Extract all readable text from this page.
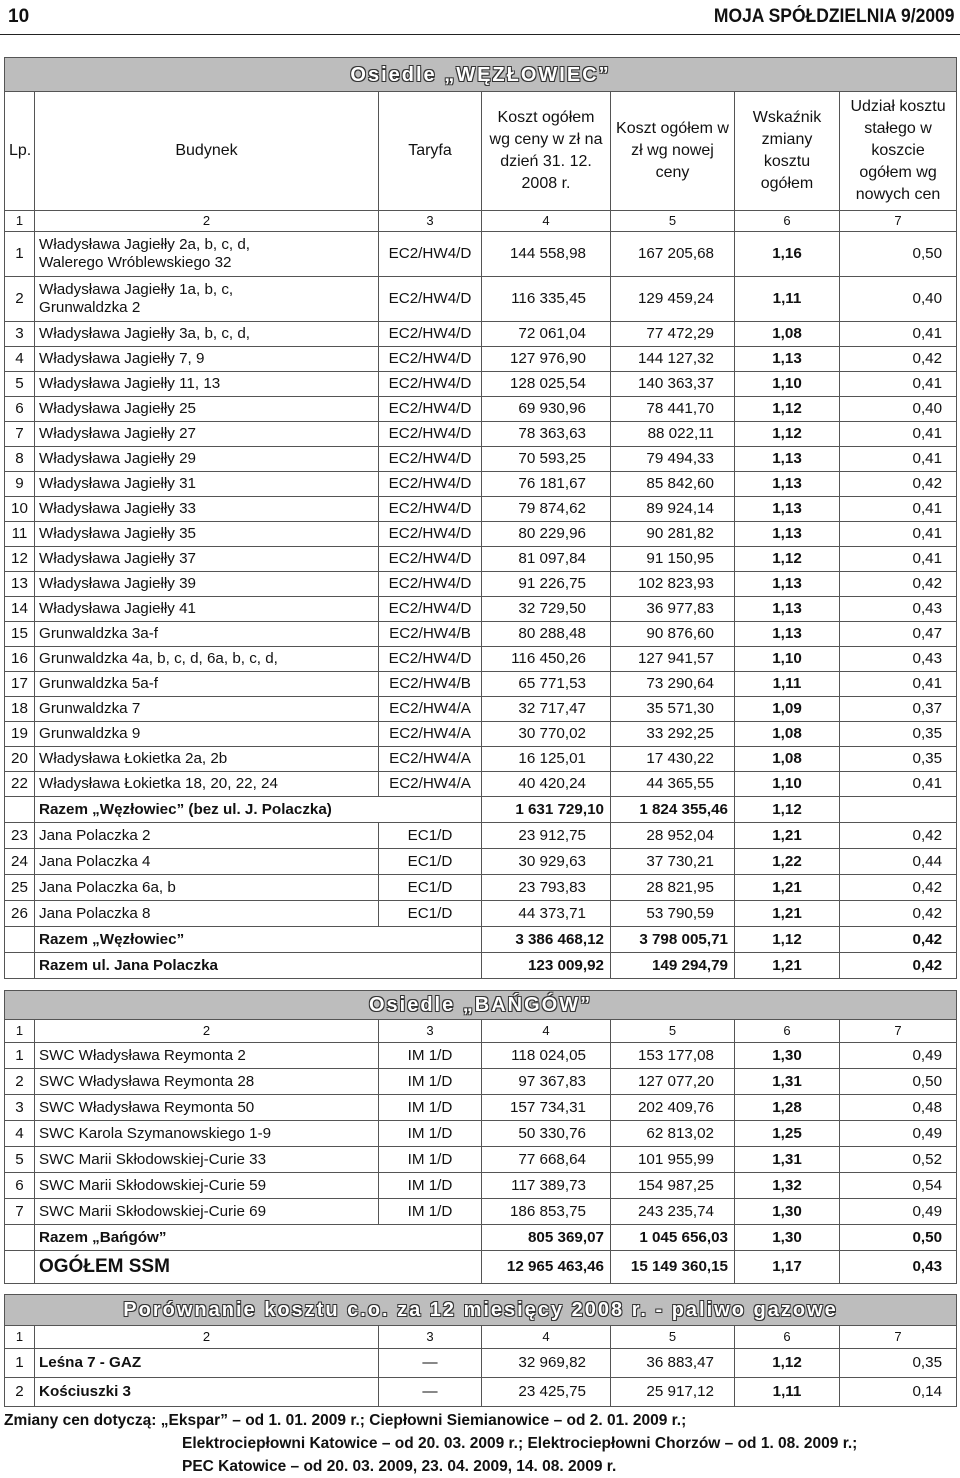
10	MOJA SPÓŁDZIELNIA 9/2009
Osiedle „WĘZŁOWIEC”						
Lp.	Budynek	Taryfa	Koszt ogółem wg ceny w zł na dzień 31. 12. 2008 r.	Koszt ogółem w zł wg nowej ceny	Wskaźnik zmiany kosztu ogółem	Udział kosztu stałego w koszcie ogółem wg nowych cen
1	2	3	4	5	6	7
1	Władysława Jagiełły 2a, b, c, d,
Walerego Wróblewskiego 32	EC2/HW4/D	144 558,98	167 205,68	1,16	0,50
2	Władysława Jagiełły 1a, b, c,
Grunwaldzka 2	EC2/HW4/D	116 335,45	129 459,24	1,11	0,40
3	Władysława Jagiełły 3a, b, c, d,	EC2/HW4/D	72 061,04	77 472,29	1,08	0,41
4	Władysława Jagiełły 7, 9	EC2/HW4/D	127 976,90	144 127,32	1,13	0,42
5	Władysława Jagiełły 11, 13	EC2/HW4/D	128 025,54	140 363,37	1,10	0,41
6	Władysława Jagiełły 25	EC2/HW4/D	69 930,96	78 441,70	1,12	0,40
7	Władysława Jagiełły 27	EC2/HW4/D	78 363,63	88 022,11	1,12	0,41
8	Władysława Jagiełły 29	EC2/HW4/D	70 593,25	79 494,33	1,13	0,41
9	Władysława Jagiełły 31	EC2/HW4/D	76 181,67	85 842,60	1,13	0,42
10	Władysława Jagiełły 33	EC2/HW4/D	79 874,62	89 924,14	1,13	0,41
11	Władysława Jagiełły 35	EC2/HW4/D	80 229,96	90 281,82	1,13	0,41
12	Władysława Jagiełły 37	EC2/HW4/D	81 097,84	91 150,95	1,12	0,41
13	Władysława Jagiełły 39	EC2/HW4/D	91 226,75	102 823,93	1,13	0,42
14	Władysława Jagiełły 41	EC2/HW4/D	32 729,50	36 977,83	1,13	0,43
15	Grunwaldzka 3a-f	EC2/HW4/B	80 288,48	90 876,60	1,13	0,47
16	Grunwaldzka 4a, b, c, d, 6a, b, c, d,	EC2/HW4/D	116 450,26	127 941,57	1,10	0,43
17	Grunwaldzka 5a-f	EC2/HW4/B	65 771,53	73 290,64	1,11	0,41
18	Grunwaldzka 7	EC2/HW4/A	32 717,47	35 571,30	1,09	0,37
19	Grunwaldzka 9	EC2/HW4/A	30 770,02	33 292,25	1,08	0,35
20	Władysława Łokietka 2a, 2b	EC2/HW4/A	16 125,01	17 430,22	1,08	0,35
22	Władysława Łokietka 18, 20, 22, 24	EC2/HW4/A	40 420,24	44 365,55	1,10	0,41
	Razem „Węzłowiec” (bez ul. J. Polaczka)		1 631 729,10	1 824 355,46	1,12	
23	Jana Polaczka 2	EC1/D	23 912,75	28 952,04	1,21	0,42
24	Jana Polaczka 4	EC1/D	30 929,63	37 730,21	1,22	0,44
25	Jana Polaczka 6a, b	EC1/D	23 793,83	28 821,95	1,21	0,42
26	Jana Polaczka 8	EC1/D	44 373,71	53 790,59	1,21	0,42
	Razem „Węzłowiec”		3 386 468,12	3 798 005,71	1,12	0,42
	Razem ul. Jana Polaczka		123 009,92	149 294,79	1,21	0,42
Osiedle „BAŃGÓW”						
1	2	3	4	5	6	7
1	SWC Władysława Reymonta 2	IM 1/D	118 024,05	153 177,08	1,30	0,49
2	SWC Władysława Reymonta 28	IM 1/D	97 367,83	127 077,20	1,31	0,50
3	SWC Władysława Reymonta 50	IM 1/D	157 734,31	202 409,76	1,28	0,48
4	SWC Karola Szymanowskiego 1-9	IM 1/D	50 330,76	62 813,02	1,25	0,49
5	SWC Marii Skłodowskiej-Curie 33	IM 1/D	77 668,64	101 955,99	1,31	0,52
6	SWC Marii Skłodowskiej-Curie 59	IM 1/D	117 389,73	154 987,25	1,32	0,54
7	SWC Marii Skłodowskiej-Curie 69	IM 1/D	186 853,75	243 235,74	1,30	0,49
	Razem „Bańgów”		805 369,07	1 045 656,03	1,30	0,50
	OGÓŁEM SSM		12 965 463,46	15 149 360,15	1,17	0,43
Porównanie kosztu c.o. za 12 miesięcy 2008 r. - paliwo gazowe						
1	2	3	4	5	6	7
1	Leśna 7 - GAZ	—	32 969,82	36 883,47	1,12	0,35
2	Kościuszki 3	—	23 425,75	25 917,12	1,11	0,14
Zmiany cen dotyczą: „Ekspar” – od 1. 01. 2009 r.; Ciepłowni Siemianowice – od 2. 01. 2009 r.;
Elektrociepłowni Katowice – od 20. 03. 2009 r.; Elektrociepłowni Chorzów – od 1. 08. 2009 r.;
PEC Katowice – od 20. 03. 2009, 23. 04. 2009, 14. 08. 2009 r.
